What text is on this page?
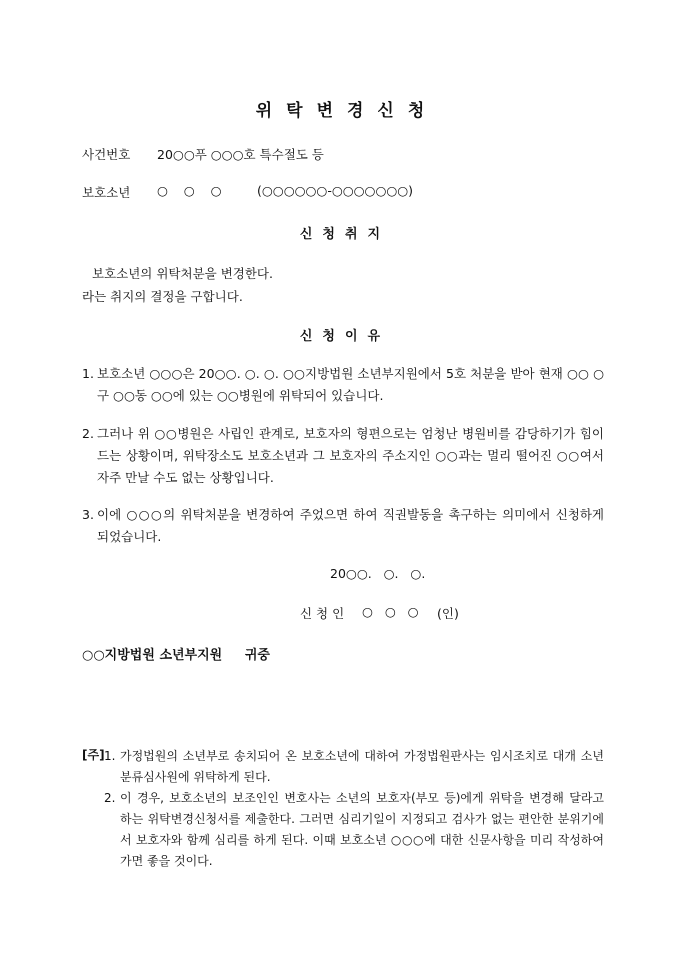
위탁변경신청
사건번호 20○○푸 ○○○호 특수절도 등
보호소년 ○    ○    ○	(○○○○○○-○○○○○○○)
신청취지
보호소년의 위탁처분을 변경한다.
라는 취지의 결정을 구합니다.
신청이유
1. 보호소년 ○○○은 20○○. ○. ○. ○○지방법원 소년부지원에서 5호 처분을 받아 현재 ○○ ○구 ○○동 ○○에 있는 ○○병원에 위탁되어 있습니다.
2. 그러나 위 ○○병원은 사립인 관계로, 보호자의 형편으로는 엄청난 병원비를 감당하기가 힘이 드는 상황이며, 위탁장소도 보호소년과 그 보호자의 주소지인 ○○과는 멀리 떨어진 ○○여서 자주 만날 수도 없는 상황입니다.
3. 이에 ○○○의 위탁처분을 변경하여 주었으면 하여 직권발동을 촉구하는 의미에서 신청하게 되었습니다.
20○○.   ○.   ○.
신 청 인 ○   ○   ○ (인)
○○지방법원 소년부지원     귀중
[주] 1. 가정법원의 소년부로 송치되어 온 보호소년에 대하여 가정법원판사는 임시조치로 대개 소년분류심사원에 위탁하게 된다.
2. 이 경우, 보호소년의 보조인인 변호사는 소년의 보호자(부모 등)에게 위탁을 변경해 달라고 하는 위탁변경신청서를 제출한다. 그러면 심리기일이 지정되고 검사가 없는 편안한 분위기에서 보호자와 함께 심리를 하게 된다. 이때 보호소년 ○○○에 대한 신문사항을 미리 작성하여 가면 좋을 것이다.
